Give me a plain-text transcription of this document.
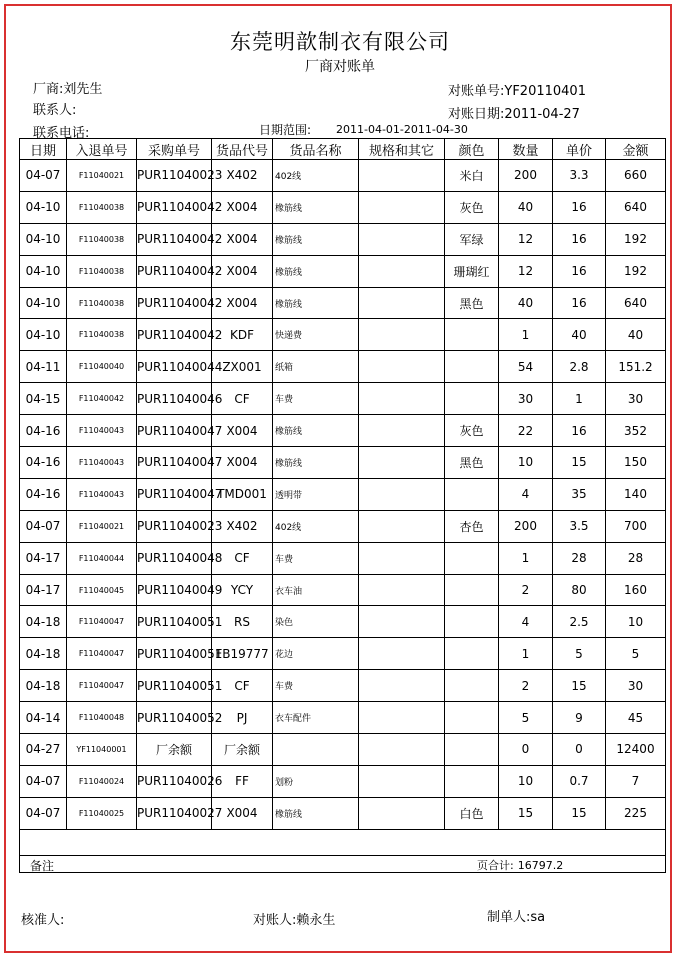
东莞明歆制衣有限公司
厂商对账单
厂商:刘先生
联系人:
联系电话:	日期范围: 2011-04-01-2011-04-30
对账单号:YF20110401
对账日期:2011-04-27
日期	入退单号	采购单号	货品代号	货品名称	规格和其它	颜色	数量	单价	金额
04-07	F11040021	PUR11040023	X402	402线		米白	200	3.3	660
04-10	F11040038	PUR11040042	X004	橡筋线		灰色	40	16	640
04-10	F11040038	PUR11040042	X004	橡筋线		军绿	12	16	192
04-10	F11040038	PUR11040042	X004	橡筋线		珊瑚红	12	16	192
04-10	F11040038	PUR11040042	X004	橡筋线		黑色	40	16	640
04-10	F11040038	PUR11040042	KDF	快递费			1	40	40
04-11	F11040040	PUR11040044	ZX001	纸箱			54	2.8	151.2
04-15	F11040042	PUR11040046	CF	车费			30	1	30
04-16	F11040043	PUR11040047	X004	橡筋线		灰色	22	16	352
04-16	F11040043	PUR11040047	X004	橡筋线		黑色	10	15	150
04-16	F11040043	PUR11040047	TMD001	透明带			4	35	140
04-07	F11040021	PUR11040023	X402	402线		杏色	200	3.5	700
04-17	F11040044	PUR11040048	CF	车费			1	28	28
04-17	F11040045	PUR11040049	YCY	衣车油			2	80	160
04-18	F11040047	PUR11040051	RS	染色			4	2.5	10
04-18	F11040047	PUR11040051	FB19777	花边			1	5	5
04-18	F11040047	PUR11040051	CF	车费			2	15	30
04-14	F11040048	PUR11040052	PJ	衣车配件			5	9	45
04-27	YF11040001	厂余额	厂余额				0	0	12400
04-07	F11040024	PUR11040026	FF	划粉			10	0.7	7
04-07	F11040025	PUR11040027	X004	橡筋线		白色	15	15	225

备注 页合计: 16797.2									
核准人:	对账人:赖永生	制单人:sa
